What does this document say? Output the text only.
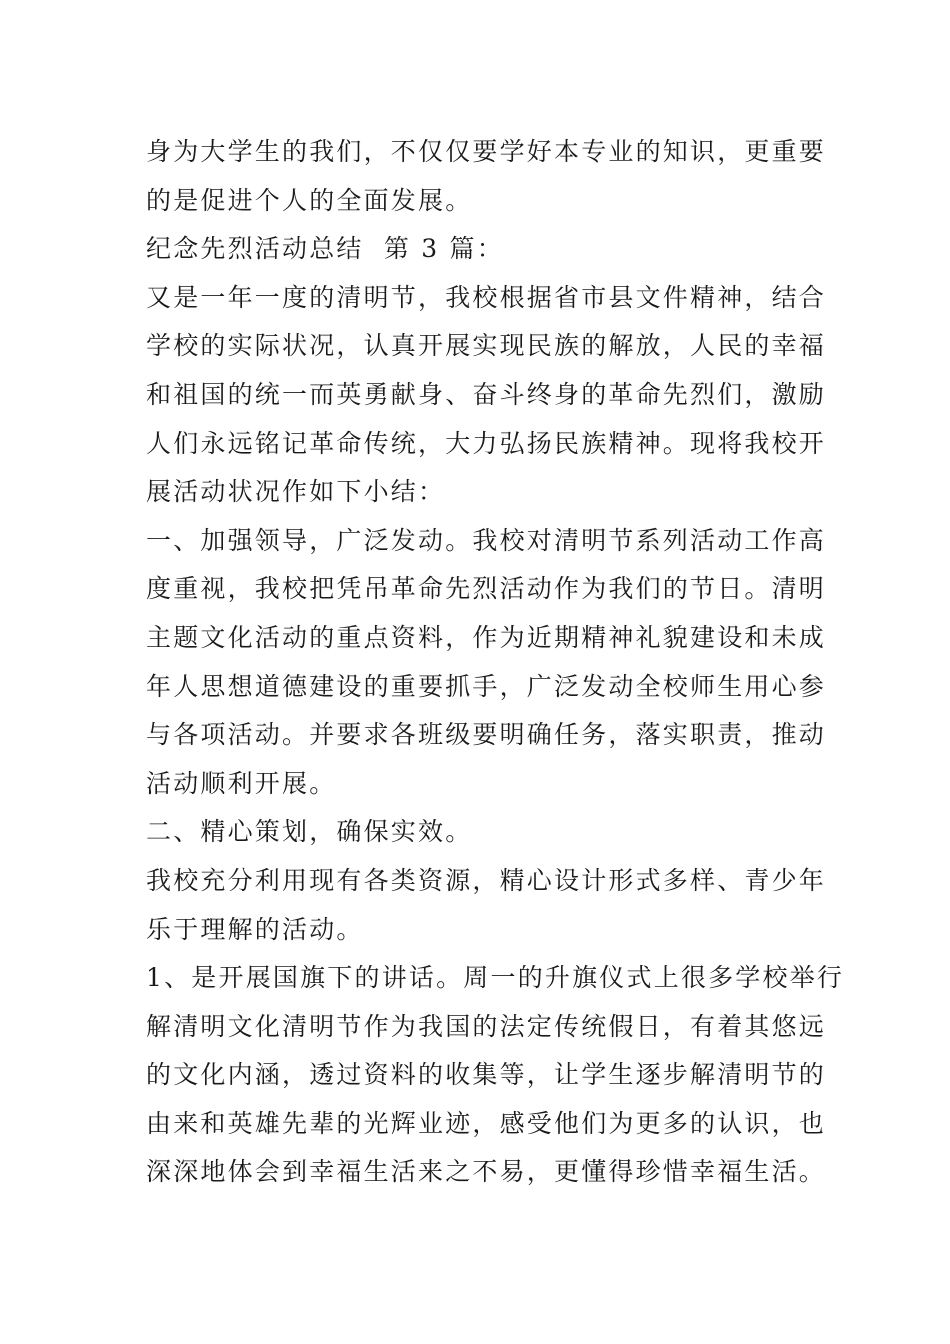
身为大学生的我们，不仅仅要学好本专业的知识，更重要
的是促进个人的全面发展。
纪念先烈活动总结  第 3 篇：
又是一年一度的清明节，我校根据省市县文件精神，结合
学校的实际状况，认真开展实现民族的解放，人民的幸福
和祖国的统一而英勇献身、奋斗终身的革命先烈们，激励
人们永远铭记革命传统，大力弘扬民族精神。现将我校开
展活动状况作如下小结：
一、加强领导，广泛发动。我校对清明节系列活动工作高
度重视，我校把凭吊革命先烈活动作为我们的节日。清明
主题文化活动的重点资料，作为近期精神礼貌建设和未成
年人思想道德建设的重要抓手，广泛发动全校师生用心参
与各项活动。并要求各班级要明确任务，落实职责，推动
活动顺利开展。
二、精心策划，确保实效。
我校充分利用现有各类资源，精心设计形式多样、青少年
乐于理解的活动。
1、是开展国旗下的讲话。周一的升旗仪式上很多学校举行
解清明文化清明节作为我国的法定传统假日，有着其悠远
的文化内涵，透过资料的收集等，让学生逐步解清明节的
由来和英雄先辈的光辉业迹，感受他们为更多的认识，也
深深地体会到幸福生活来之不易，更懂得珍惜幸福生活。
